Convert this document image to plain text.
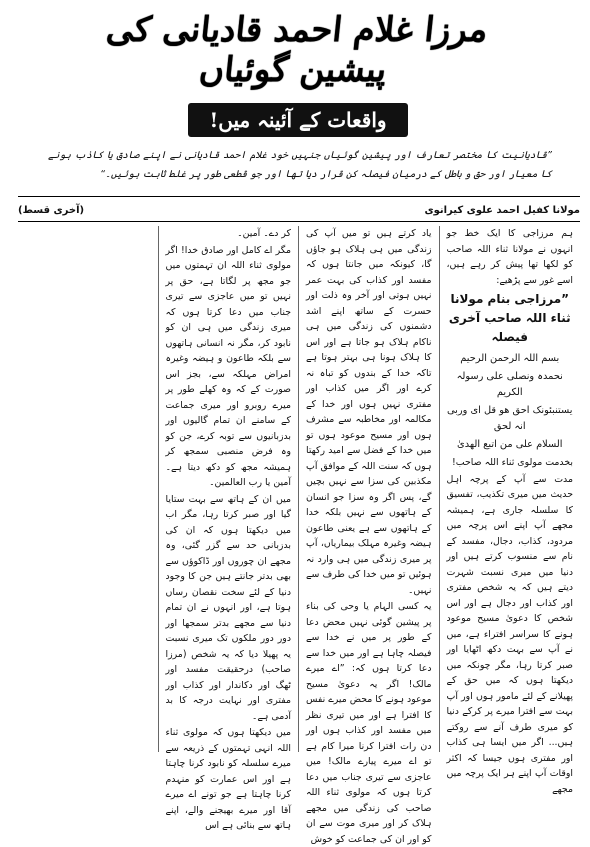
مرزا غلام احمد قادیانی کی پیشین گوئیاں
واقعات کے آئینہ میں!
”قادیانیت کا مختصر تعارف اور پیشین گوئیاں جنہیں خود غلام احمد قادیانی نے اپنے صادق یا کاذب ہونے کا معیار اور حق و باطل کے درمیان فیصلہ کن قرار دیا تھا اور جو قطعی طور پر غلط ثابت ہوئیں۔“
مولانا کفیل احمد علوی کیرانوی
(آخری قسط)

ہم مرزاجی کا ایک خط جو انہوں نے مولانا ثناء اللہ صاحب کو لکھا تھا پیش کر رہے ہیں، اسے غور سے پڑھیے:

”مرزاجی بنام مولانا ثناء اللہ صاحب آخری فیصلہ
بسم اللہ الرحمن الرحیم
نحمدہ ونصلی علی رسولہ الکریم
یستنبئونک احق ھو قل ای وربی انہ لحق
السلام علی من اتبع الھدیٰ

بخدمت مولوی ثناء اللہ صاحب!

مدت سے آپ کے پرچہ اہل حدیث میں میری تکذیب، تفسیق کا سلسلہ جاری ہے، ہمیشہ مجھے آپ اپنے اس پرچہ میں مردود، کذاب، دجال، مفسد کے نام سے منسوب کرتے ہیں اور دنیا میں میری نسبت شہرت دیتے ہیں کہ یہ شخص مفتری اور کذاب اور دجال ہے اور اس شخص کا دعویٰ مسیح موعود ہونے کا سراسر افتراء ہے، میں نے آپ سے بہت دکھ اٹھایا اور صبر کرتا رہا، مگر چونکہ میں دیکھتا ہوں کہ میں حق کے پھیلانے کے لئے مامور ہوں اور آپ بہت سے افترا میرے پر کرکے دنیا کو میری طرف آنے سے روکتے ہیں... اگر میں ایسا ہی کذاب اور مفتری ہوں جیسا کہ اکثر اوقات آپ اپنے ہر ایک پرچہ میں مجھے

یاد کرتے ہیں تو میں آپ کی زندگی میں ہی ہلاک ہو جاؤں گا، کیونکہ میں جانتا ہوں کہ مفسد اور کذاب کی بہت عمر نہیں ہوتی اور آخر وہ ذلت اور حسرت کے ساتھ اپنے اشد دشمنوں کی زندگی میں ہی ناکام ہلاک ہو جاتا ہے اور اس کا ہلاک ہونا ہی بہتر ہوتا ہے تاکہ خدا کے بندوں کو تباہ نہ کرے اور اگر میں کذاب اور مفتری نہیں ہوں اور خدا کے مکالمہ اور مخاطبہ سے مشرف ہوں اور مسیح موعود ہوں تو میں خدا کے فضل سے امید رکھتا ہوں کہ سنت اللہ کے موافق آپ مکذبین کی سزا سے نہیں بچیں گے، پس اگر وہ سزا جو انسان کے ہاتھوں سے نہیں بلکہ خدا کے ہاتھوں سے ہے یعنی طاعون ہیضہ وغیرہ مہلک بیماریاں، آپ پر میری زندگی میں ہی وارد نہ ہوئیں تو میں خدا کی طرف سے نہیں۔

یہ کسی الہام یا وحی کی بناء پر پیشین گوئی نہیں محض دعا کے طور پر میں نے خدا سے فیصلہ چاہا ہے اور میں خدا سے دعا کرتا ہوں کہ: ”اے میرے مالک! اگر یہ دعویٰ مسیح موعود ہونے کا محض میرے نفس کا افترا ہے اور میں تیری نظر میں مفسد اور کذاب ہوں اور دن رات افترا کرنا میرا کام ہے تو اے میرے پیارے مالک! میں عاجزی سے تیری جناب میں دعا کرتا ہوں کہ مولوی ثناء اللہ صاحب کی زندگی میں مجھے ہلاک کر اور میری موت سے ان کو اور ان کی جماعت کو خوش

کر دے۔ آمین۔

مگر اے کامل اور صادق خدا! اگر مولوی ثناء اللہ ان تہمتوں میں جو مجھ پر لگاتا ہے، حق پر نہیں تو میں عاجزی سے تیری جناب میں دعا کرتا ہوں کہ میری زندگی میں ہی ان کو نابود کر، مگر نہ انسانی ہاتھوں سے بلکہ طاعون و ہیضہ وغیرہ امراض مہلکہ سے، بجز اس صورت کے کہ وہ کھلے طور پر میرے روبرو اور میری جماعت کے سامنے ان تمام گالیوں اور بدزبانیوں سے توبہ کرے، جن کو وہ فرض منصبی سمجھ کر ہمیشہ مجھ کو دکھ دیتا ہے۔ آمین یا رب العالمین۔

میں ان کے ہاتھ سے بہت ستایا گیا اور صبر کرتا رہا، مگر اب میں دیکھتا ہوں کہ ان کی بدزبانی حد سے گزر گئی، وہ مجھے ان چوروں اور ڈاکوؤں سے بھی بدتر جانتے ہیں جن کا وجود دنیا کے لئے سخت نقصان رساں ہوتا ہے، اور انہوں نے ان تمام دنیا سے مجھے بدتر سمجھا اور دور دور ملکوں تک میری نسبت یہ پھیلا دیا کہ یہ شخص (مرزا صاحب) درحقیقت مفسد اور ٹھگ اور دکاندار اور کذاب اور مفتری اور نہایت درجہ کا بد آدمی ہے۔

میں دیکھتا ہوں کہ مولوی ثناء اللہ انہی تہمتوں کے ذریعہ سے میرے سلسلہ کو نابود کرنا چاہتا ہے اور اس عمارت کو منہدم کرنا چاہتا ہے جو تونے اے میرے آقا اور میرے بھیجنے والے، اپنے ہاتھ سے بنائی ہے اس
